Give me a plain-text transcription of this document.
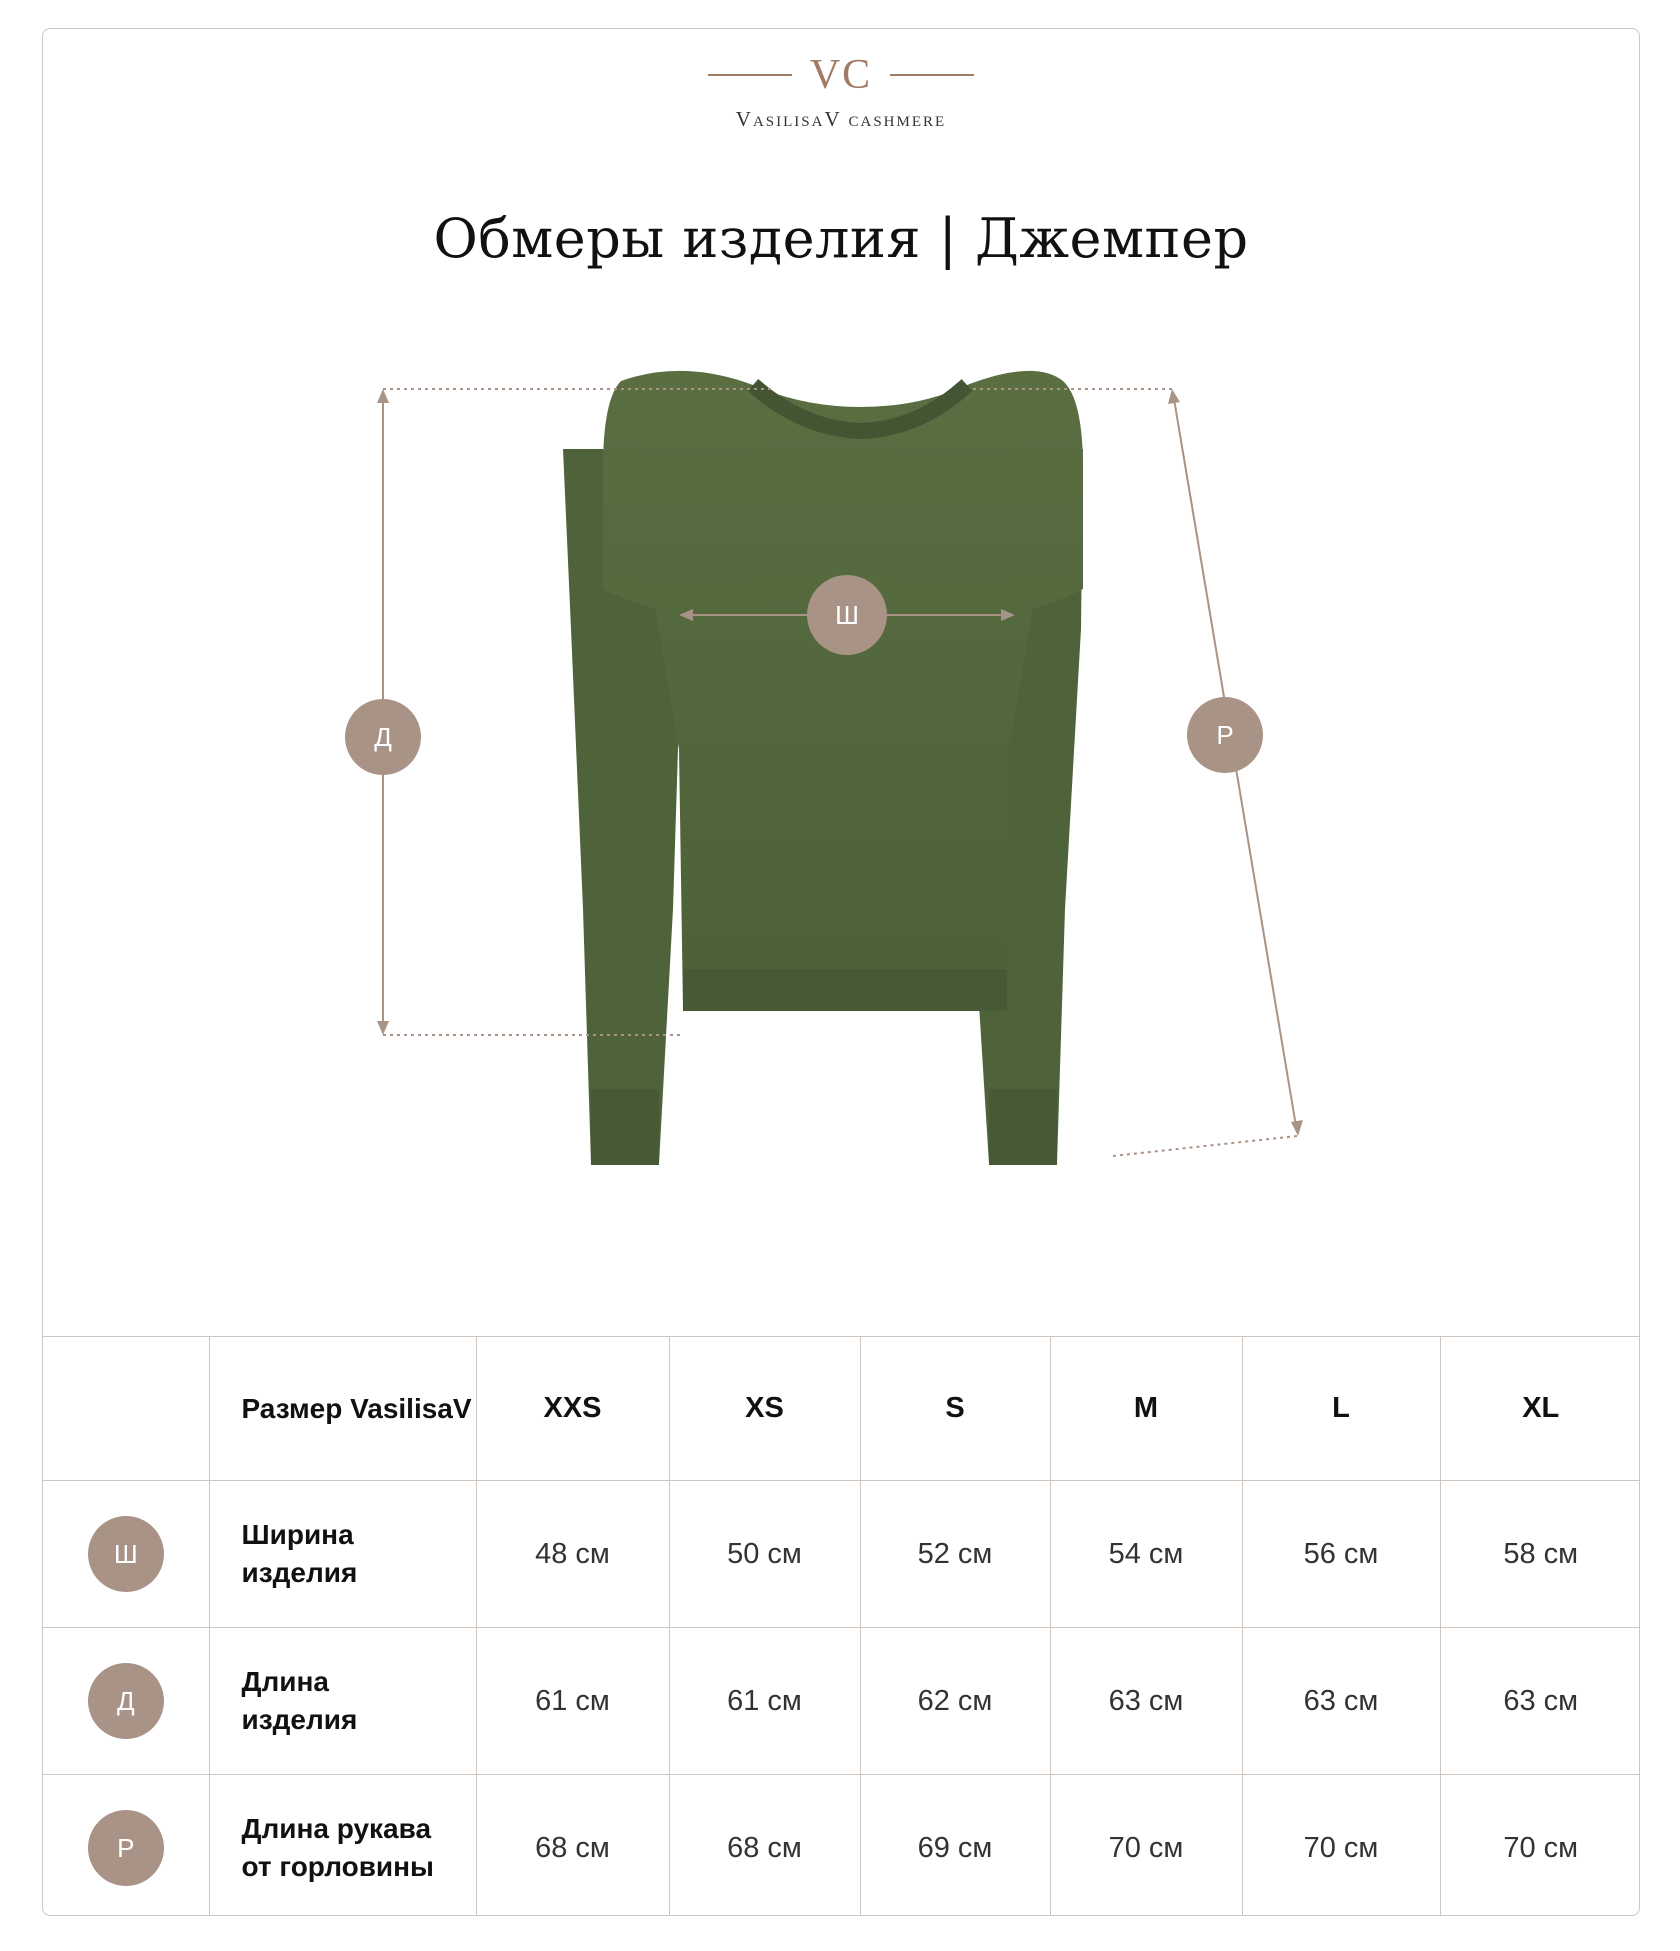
VC
VasilisaV cashmere
Обмеры изделия | Джемпер
Ш
Д	Р
	Размер VasilisaV	XXS	XS	S	M	L	XL
Ш	Ширина изделия	48 см	50 см	52 см	54 см	56 см	58 см
Д	Длина изделия	61 см	61 см	62 см	63 см	63 см	63 см
Р	Длина рукава от горловины	68 см	68 см	69 см	70 см	70 см	70 см
